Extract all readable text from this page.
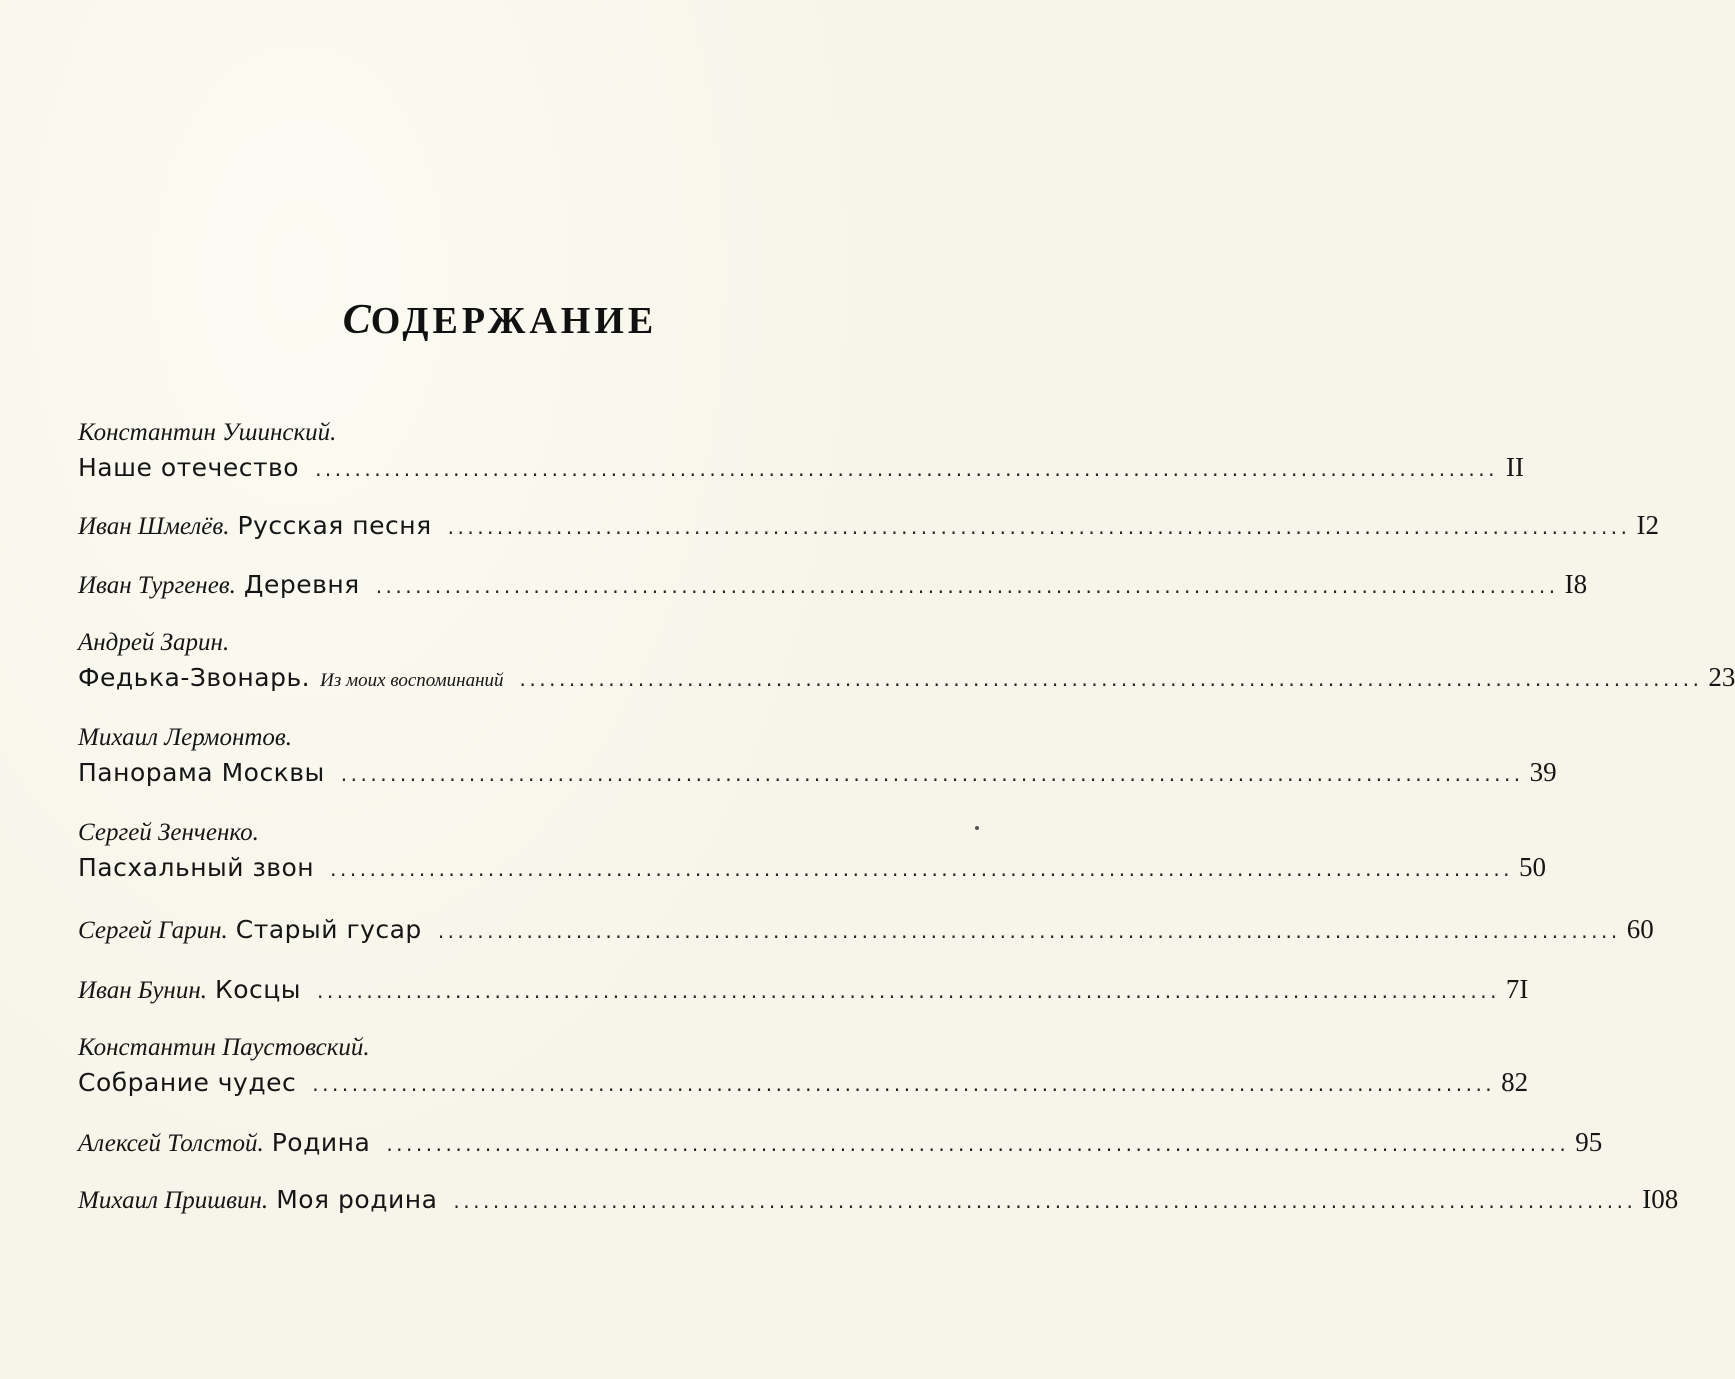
СОДЕРЖАНИЕ
Константин Ушинский.
Наше отечество ........................................................................................................................ II
Иван Шмелёв. Русская песня ........................................................................................................................ I2
Иван Тургенев. Деревня ........................................................................................................................ I8
Андрей Зарин.
Федька-Звонарь. Из моих воспоминаний ........................................................................................................................ 23
Михаил Лермонтов.
Панорама Москвы ........................................................................................................................ 39
Сергей Зенченко.
Пасхальный звон ........................................................................................................................ 50
Сергей Гарин. Старый гусар ........................................................................................................................ 60
Иван Бунин. Косцы ........................................................................................................................ 7I
Константин Паустовский.
Собрание чудес ........................................................................................................................ 82
Алексей Толстой. Родина ........................................................................................................................ 95
Михаил Пришвин. Моя родина ........................................................................................................................ I08
